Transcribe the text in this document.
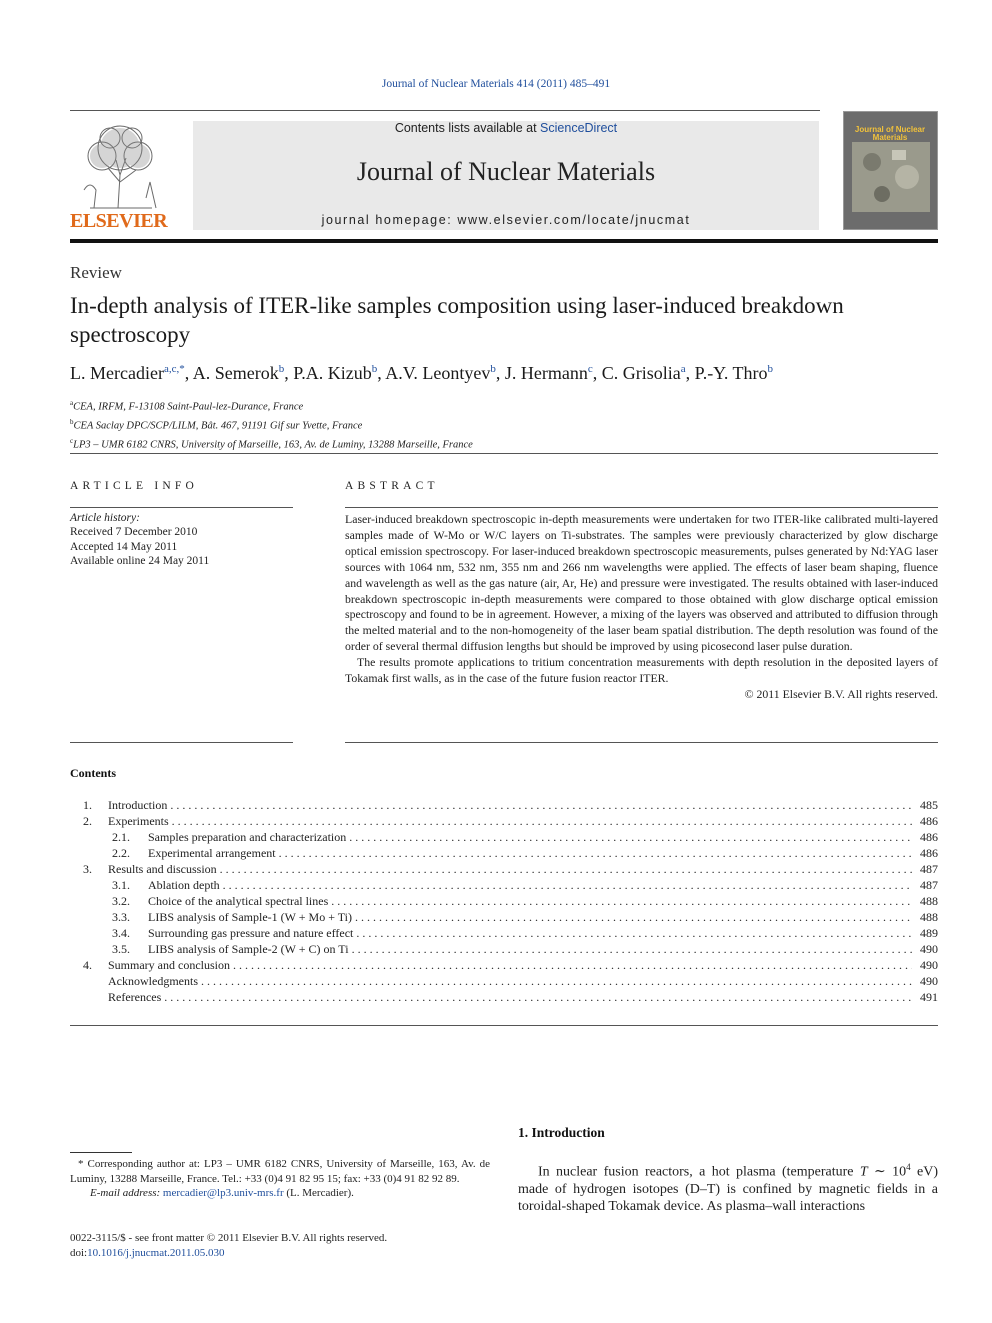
Journal of Nuclear Materials 414 (2011) 485–491
ELSEVIER
Contents lists available at ScienceDirect
Journal of Nuclear Materials
journal homepage: www.elsevier.com/locate/jnucmat
Journal of Nuclear Materials
Review
In-depth analysis of ITER-like samples composition using laser-induced breakdown spectroscopy
L. Mercadier$^{a,c,*}$, A. Semerok$^b$, P.A. Kizub$^b$, A.V. Leontyev$^b$, J. Hermann$^c$, C. Grisolia$^a$, P.-Y. Thro$^b$
$^a$CEA, IRFM, F-13108 Saint-Paul-lez-Durance, France
$^b$CEA Saclay DPC/SCP/LILM, Bât. 467, 91191 Gif sur Yvette, France
$^c$LP3 – UMR 6182 CNRS, University of Marseille, 163, Av. de Luminy, 13288 Marseille, France
ARTICLE INFO	ABSTRACT
Article history:
Received 7 December 2010
Accepted 14 May 2011
Available online 24 May 2011

Laser-induced breakdown spectroscopic in-depth measurements were undertaken for two ITER-like calibrated multi-layered samples made of W-Mo or W/C layers on Ti-substrates. The samples were previously characterized by glow discharge optical emission spectroscopy. For laser-induced breakdown spectroscopic measurements, pulses generated by Nd:YAG laser sources with 1064 nm, 532 nm, 355 nm and 266 nm wavelengths were applied. The effects of laser beam shaping, fluence and wavelength as well as the gas nature (air, Ar, He) and pressure were investigated. The results obtained with laser-induced breakdown spectroscopic in-depth measurements were compared to those obtained with glow discharge optical emission spectroscopy and found to be in agreement. However, a mixing of the layers was observed and attributed to diffusion through the melted material and to the non-homogeneity of the laser beam spatial distribution. The depth resolution was found of the order of several thermal diffusion lengths but should be improved by using picosecond laser pulse duration.

The results promote applications to tritium concentration measurements with depth resolution in the deposited layers of Tokamak first walls, as in the case of the future fusion reactor ITER.

© 2011 Elsevier B.V. All rights reserved.

Contents
1. Introduction . . .	485
2. Experiments . . .	486
2.1. Samples preparation and characterization . . .	486
2.2. Experimental arrangement . . .	486
3. Results and discussion . . .	487
3.1. Ablation depth . . .	487
3.2. Choice of the analytical spectral lines . . .	488
3.3. LIBS analysis of Sample-1 (W + Mo + Ti) . . .	488
3.4. Surrounding gas pressure and nature effect . . .	489
3.5. LIBS analysis of Sample-2 (W + C) on Ti . . .	490
4. Summary and conclusion . . .	490
Acknowledgments . . .	490
References . . .	491
* Corresponding author at: LP3 – UMR 6182 CNRS, University of Marseille, 163, Av. de Luminy, 13288 Marseille, France. Tel.: +33 (0)4 91 82 95 15; fax: +33 (0)4 91 82 92 89.
E-mail address: mercadier@lp3.univ-mrs.fr (L. Mercadier).
0022-3115/$ - see front matter © 2011 Elsevier B.V. All rights reserved.
doi:10.1016/j.jnucmat.2011.05.030
1. Introduction
In nuclear fusion reactors, a hot plasma (temperature T ∼ $10^4$ eV) made of hydrogen isotopes (D–T) is confined by magnetic fields in a toroidal-shaped Tokamak device. As plasma–wall interactions
